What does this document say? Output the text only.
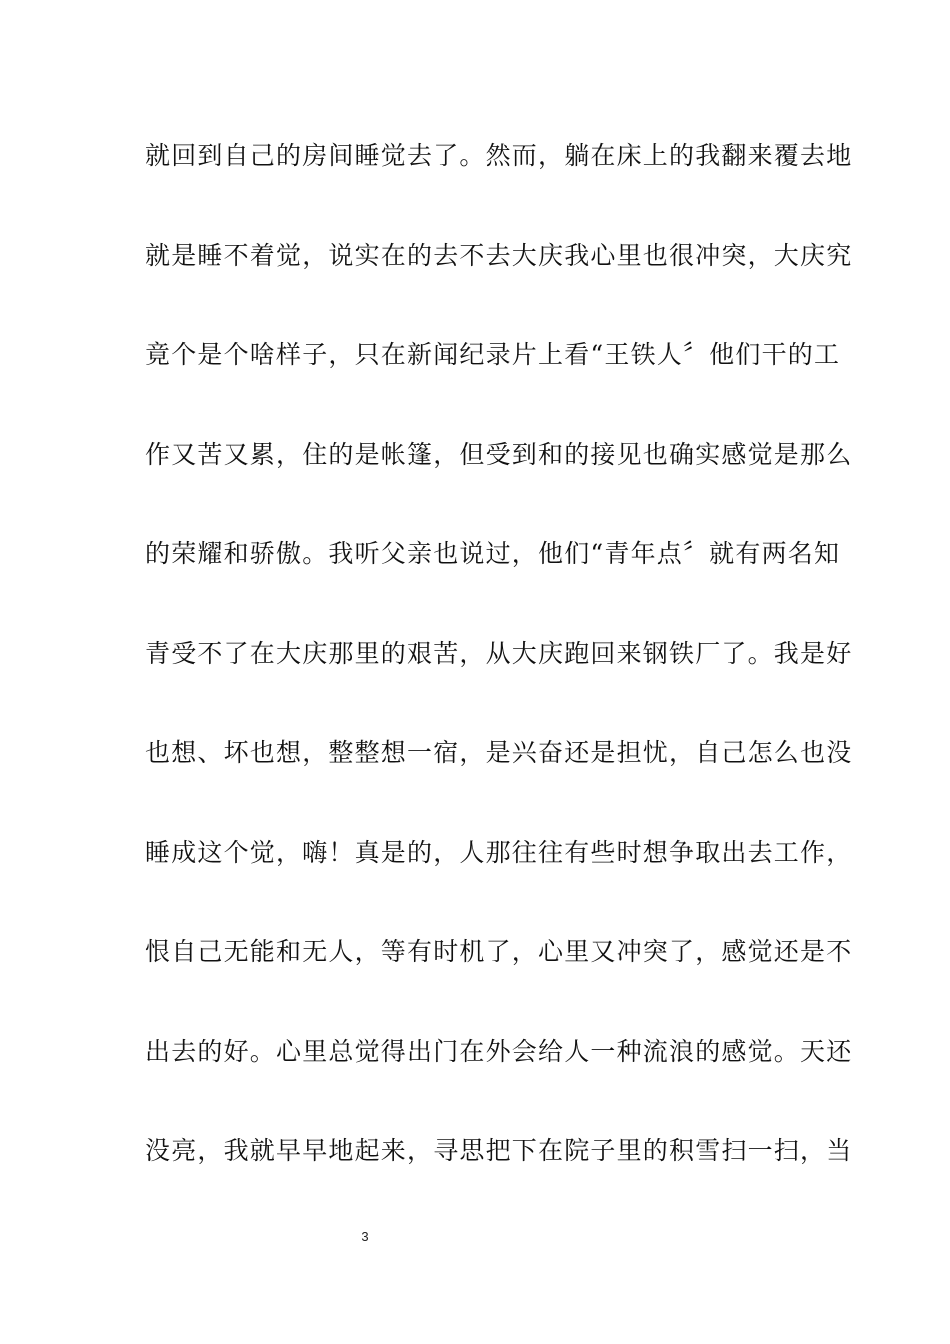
就回到自己的房间睡觉去了。然而，躺在床上的我翻来覆去地
就是睡不着觉，说实在的去不去大庆我心里也很冲突，大庆究
竟个是个啥样子，只在新闻纪录片上看“王铁人〞他们干的工
作又苦又累，住的是帐篷，但受到和的接见也确实感觉是那么
的荣耀和骄傲。我听父亲也说过，他们“青年点〞就有两名知
青受不了在大庆那里的艰苦，从大庆跑回来钢铁厂了。我是好
也想、坏也想，整整想一宿，是兴奋还是担忧，自己怎么也没
睡成这个觉，嗨！真是的，人那往往有些时想争取出去工作，
恨自己无能和无人，等有时机了，心里又冲突了，感觉还是不
出去的好。心里总觉得出门在外会给人一种流浪的感觉。天还
没亮，我就早早地起来，寻思把下在院子里的积雪扫一扫，当
3
